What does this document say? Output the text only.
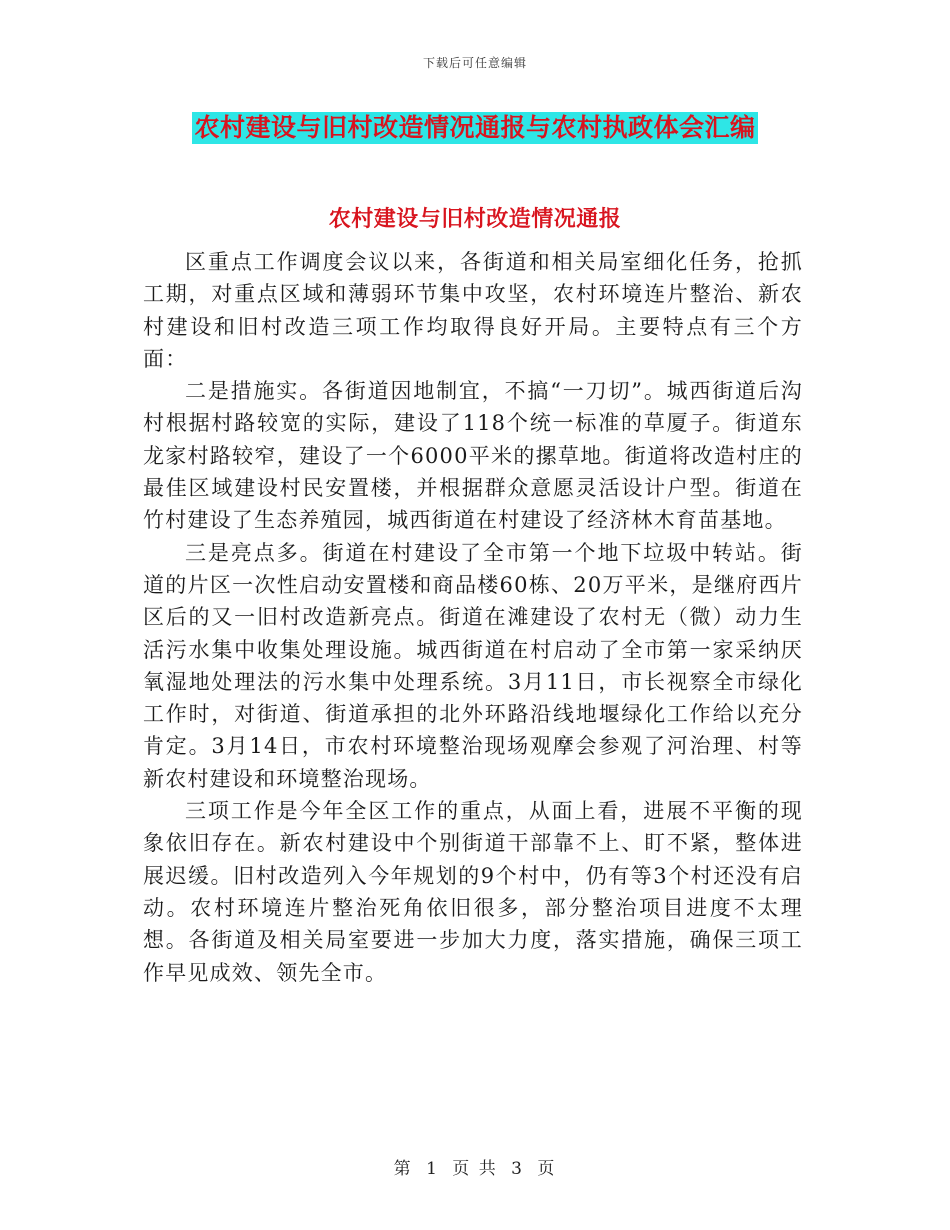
下载后可任意编辑
农村建设与旧村改造情况通报与农村执政体会汇编
农村建设与旧村改造情况通报

区重点工作调度会议以来，各街道和相关局室细化任务，抢抓工期，对重点区域和薄弱环节集中攻坚，农村环境连片整治、新农村建设和旧村改造三项工作均取得良好开局。主要特点有三个方面：

二是措施实。各街道因地制宜，不搞“一刀切”。城西街道后沟村根据村路较宽的实际，建设了118个统一标准的草厦子。街道东龙家村路较窄，建设了一个6000平米的摞草地。街道将改造村庄的最佳区域建设村民安置楼，并根据群众意愿灵活设计户型。街道在竹村建设了生态养殖园，城西街道在村建设了经济林木育苗基地。

三是亮点多。街道在村建设了全市第一个地下垃圾中转站。街道的片区一次性启动安置楼和商品楼60栋、20万平米，是继府西片区后的又一旧村改造新亮点。街道在滩建设了农村无（微）动力生活污水集中收集处理设施。城西街道在村启动了全市第一家采纳厌氧湿地处理法的污水集中处理系统。3月11日，市长视察全市绿化工作时，对街道、街道承担的北外环路沿线地堰绿化工作给以充分肯定。3月14日，市农村环境整治现场观摩会参观了河治理、村等新农村建设和环境整治现场。

三项工作是今年全区工作的重点，从面上看，进展不平衡的现象依旧存在。新农村建设中个别街道干部靠不上、盯不紧，整体进展迟缓。旧村改造列入今年规划的9个村中，仍有等3个村还没有启动。农村环境连片整治死角依旧很多，部分整治项目进度不太理想。各街道及相关局室要进一步加大力度，落实措施，确保三项工作早见成效、领先全市。

第 1 页 共 3 页
